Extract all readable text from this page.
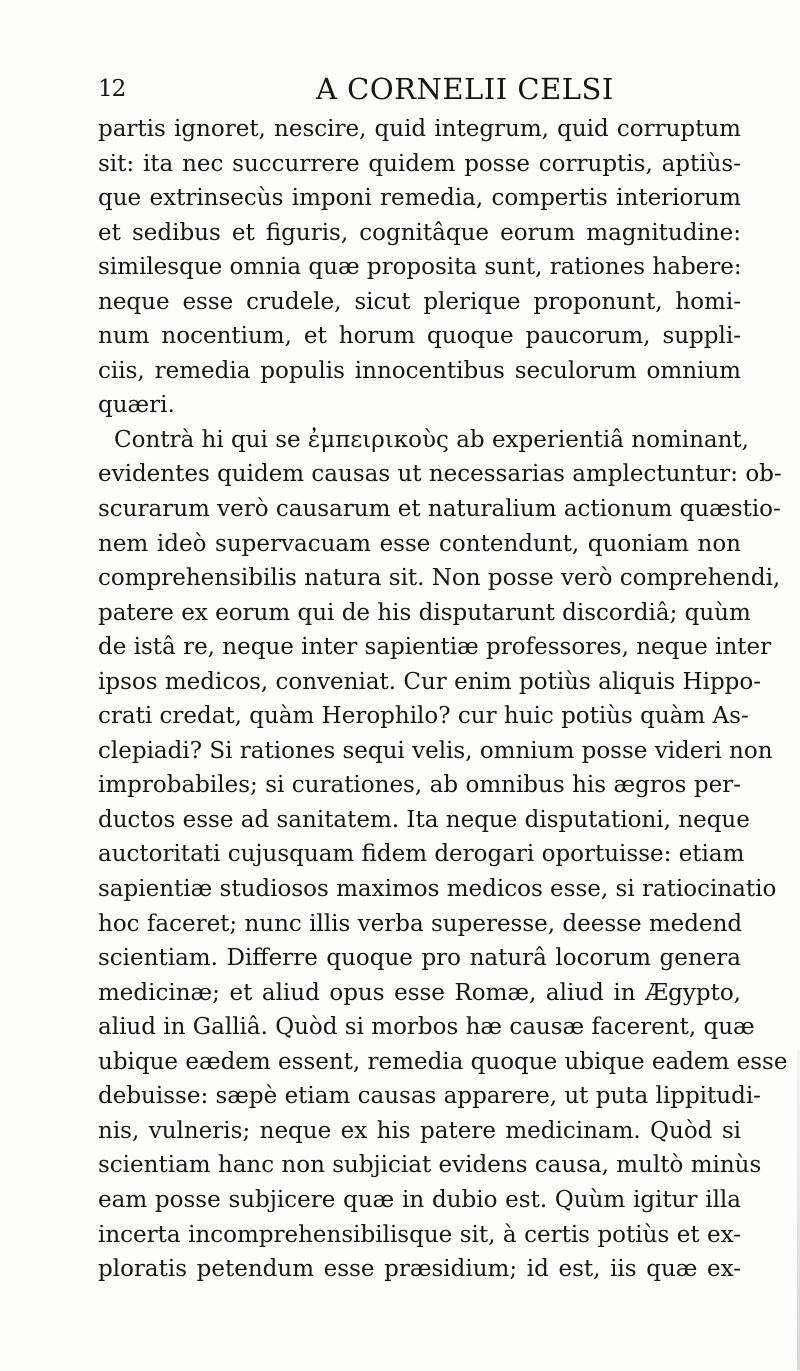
12	A CORNELII CELSI
partis ignoret, nescire, quid integrum, quid corruptum
sit: ita nec succurrere quidem posse corruptis, aptiùs-
que extrinsecùs imponi remedia, compertis interiorum
et sedibus et figuris, cognitâque eorum magnitudine:
similesque omnia quæ proposita sunt, rationes habere:
neque esse crudele, sicut plerique proponunt, homi-
num nocentium, et horum quoque paucorum, suppli-
ciis, remedia populis innocentibus seculorum omnium
quæri.
Contrà hi qui se ἐμπειρικοὺς ab experientiâ nominant,
evidentes quidem causas ut necessarias amplectuntur: ob-
scurarum verò causarum et naturalium actionum quæstio-
nem ideò supervacuam esse contendunt, quoniam non
comprehensibilis natura sit. Non posse verò comprehendi,
patere ex eorum qui de his disputarunt discordiâ; quùm
de istâ re, neque inter sapientiæ professores, neque inter
ipsos medicos, conveniat. Cur enim potiùs aliquis Hippo-
crati credat, quàm Herophilo? cur huic potiùs quàm As-
clepiadi? Si rationes sequi velis, omnium posse videri non
improbabiles; si curationes, ab omnibus his ægros per-
ductos esse ad sanitatem. Ita neque disputationi, neque
auctoritati cujusquam fidem derogari oportuisse: etiam
sapientiæ studiosos maximos medicos esse, si ratiocinatio
hoc faceret; nunc illis verba superesse, deesse medend
scientiam. Differre quoque pro naturâ locorum genera
medicinæ; et aliud opus esse Romæ, aliud in Ægypto,
aliud in Galliâ. Quòd si morbos hæ causæ facerent, quæ
ubique eædem essent, remedia quoque ubique eadem esse
debuisse: sæpè etiam causas apparere, ut puta lippitudi-
nis, vulneris; neque ex his patere medicinam. Quòd si
scientiam hanc non subjiciat evidens causa, multò minùs
eam posse subjicere quæ in dubio est. Quùm igitur illa
incerta incomprehensibilisque sit, à certis potiùs et ex-
ploratis petendum esse præsidium; id est, iis quæ ex-
